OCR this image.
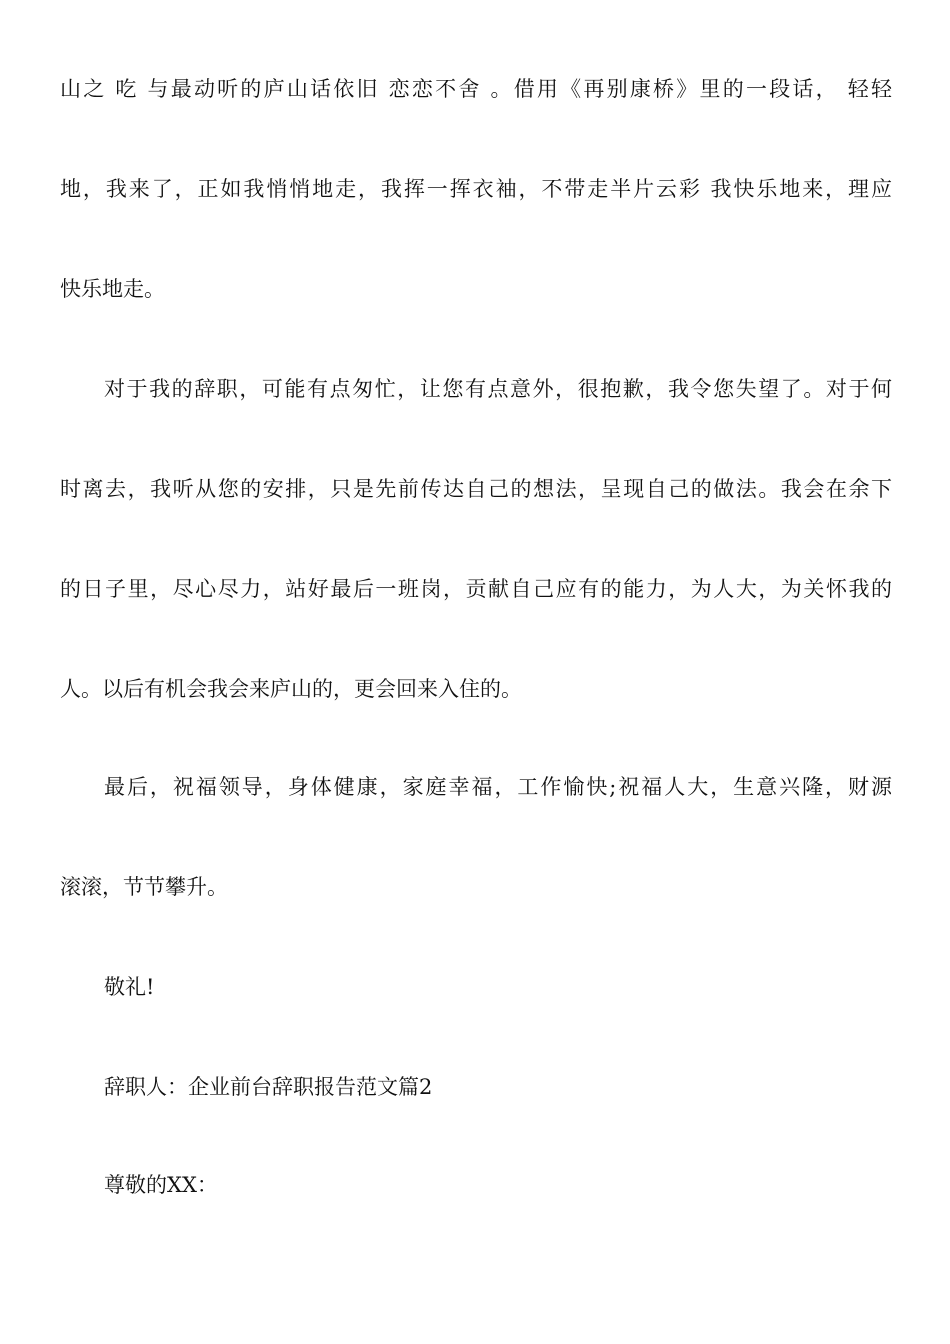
山之 吃 与最动听的庐山话依旧 恋恋不舍 。借用《再别康桥》里的一段话， 轻轻
地，我来了，正如我悄悄地走，我挥一挥衣袖，不带走半片云彩 我快乐地来，理应
快乐地走。
对于我的辞职，可能有点匆忙，让您有点意外，很抱歉，我令您失望了。对于何
时离去，我听从您的安排，只是先前传达自己的想法，呈现自己的做法。我会在余下
的日子里，尽心尽力，站好最后一班岗，贡献自己应有的能力，为人大，为关怀我的
人。以后有机会我会来庐山的，更会回来入住的。
最后，祝福领导，身体健康，家庭幸福，工作愉快;祝福人大，生意兴隆，财源
滚滚，节节攀升。
敬礼!
辞职人：企业前台辞职报告范文篇2
尊敬的XX：
